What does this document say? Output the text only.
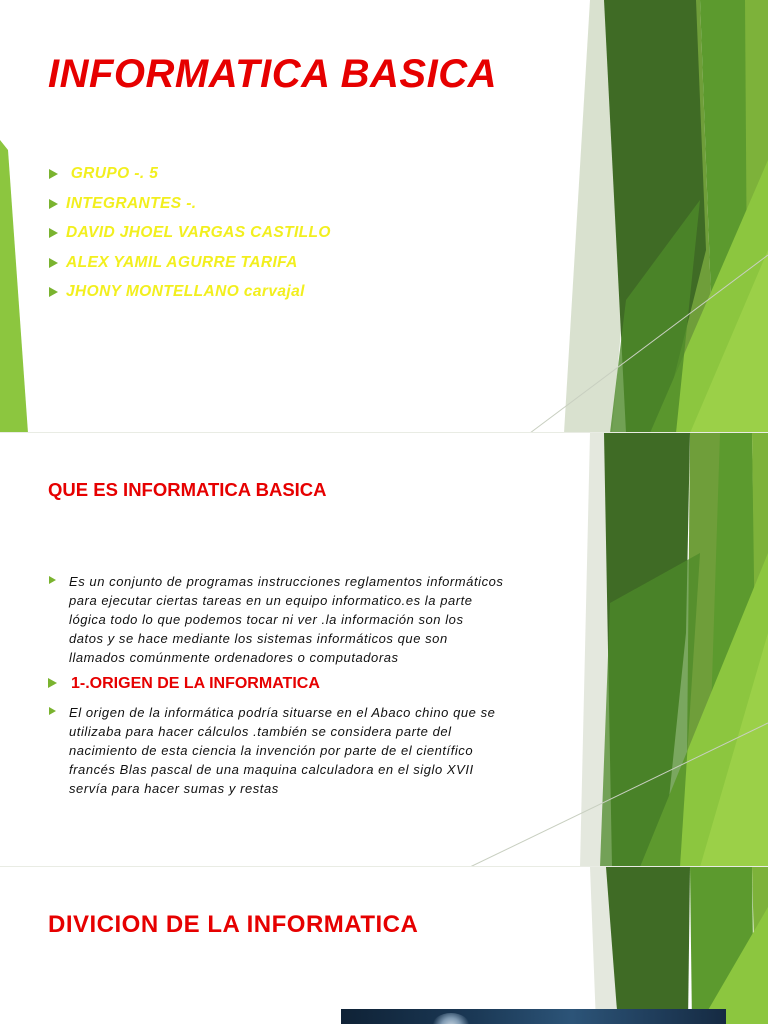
INFORMATICA BASICA
GRUPO -. 5
INTEGRANTES -.
DAVID JHOEL VARGAS CASTILLO
ALEX YAMIL AGURRE TARIFA
JHONY MONTELLANO carvajal
QUE ES INFORMATICA BASICA

Es un conjunto de programas instrucciones reglamentos informáticos

para ejecutar ciertas tareas en un equipo informatico.es la parte

lógica todo lo que podemos tocar ni ver .la información son los

datos y se hace mediante los sistemas informáticos que son

llamados comúnmente ordenadores o computadoras

1-.ORIGEN DE LA INFORMATICA

El origen de la informática podría situarse en el Abaco chino que se

utilizaba para hacer cálculos .también se considera parte del

nacimiento de esta ciencia la invención por parte de el científico

francés Blas pascal de una maquina calculadora en el siglo XVII

servía para hacer sumas y restas

DIVICION DE LA INFORMATICA
